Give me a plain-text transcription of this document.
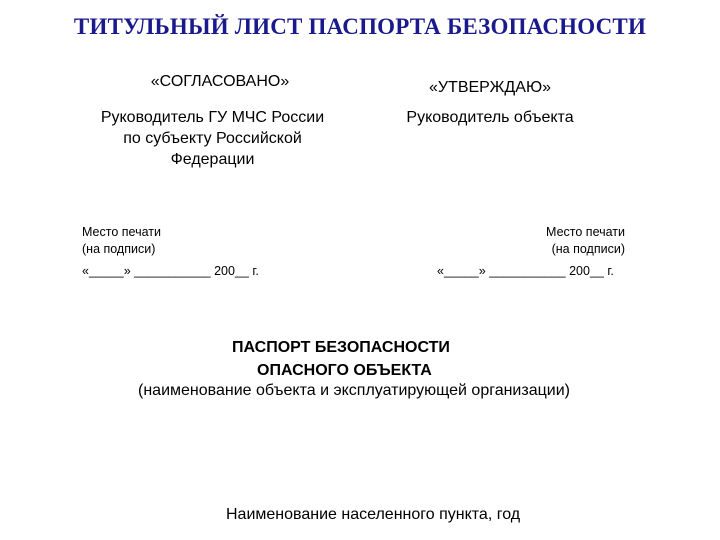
ТИТУЛЬНЫЙ ЛИСТ ПАСПОРТА БЕЗОПАСНОСТИ
«СОГЛАСОВАНО»
Руководитель ГУ МЧС России
по субъекту Российской
Федерации
Место печати
(на подписи)
«_____» ___________ 200__ г.
«УТВЕРЖДАЮ»
Руководитель объекта
Место печати
(на подписи)
«_____» ___________ 200__ г.
ПАСПОРТ БЕЗОПАСНОСТИ
ОПАСНОГО ОБЪЕКТА
(наименование объекта и эксплуатирующей организации)
Наименование населенного пункта, год
